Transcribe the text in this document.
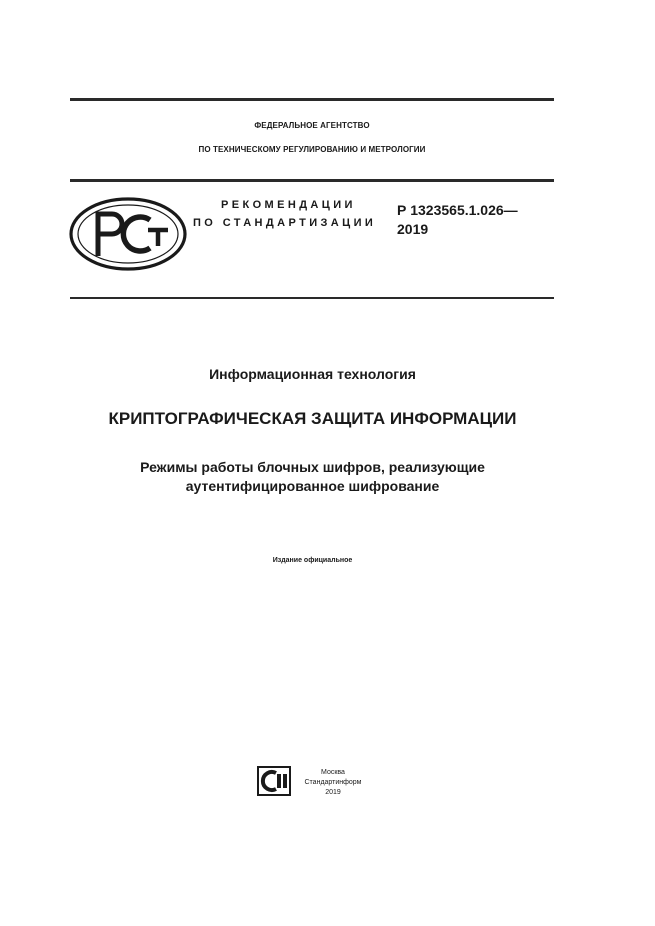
ФЕДЕРАЛЬНОЕ АГЕНТСТВО
ПО ТЕХНИЧЕСКОМУ РЕГУЛИРОВАНИЮ И МЕТРОЛОГИИ
РЕКОМЕНДАЦИИ
ПО СТАНДАРТИЗАЦИИ
Р 1323565.1.026—
2019
Информационная технология
КРИПТОГРАФИЧЕСКАЯ ЗАЩИТА ИНФОРМАЦИИ
Режимы работы блочных шифров, реализующие
аутентифицированное шифрование
Издание официальное
Москва
Стандартинформ
2019
